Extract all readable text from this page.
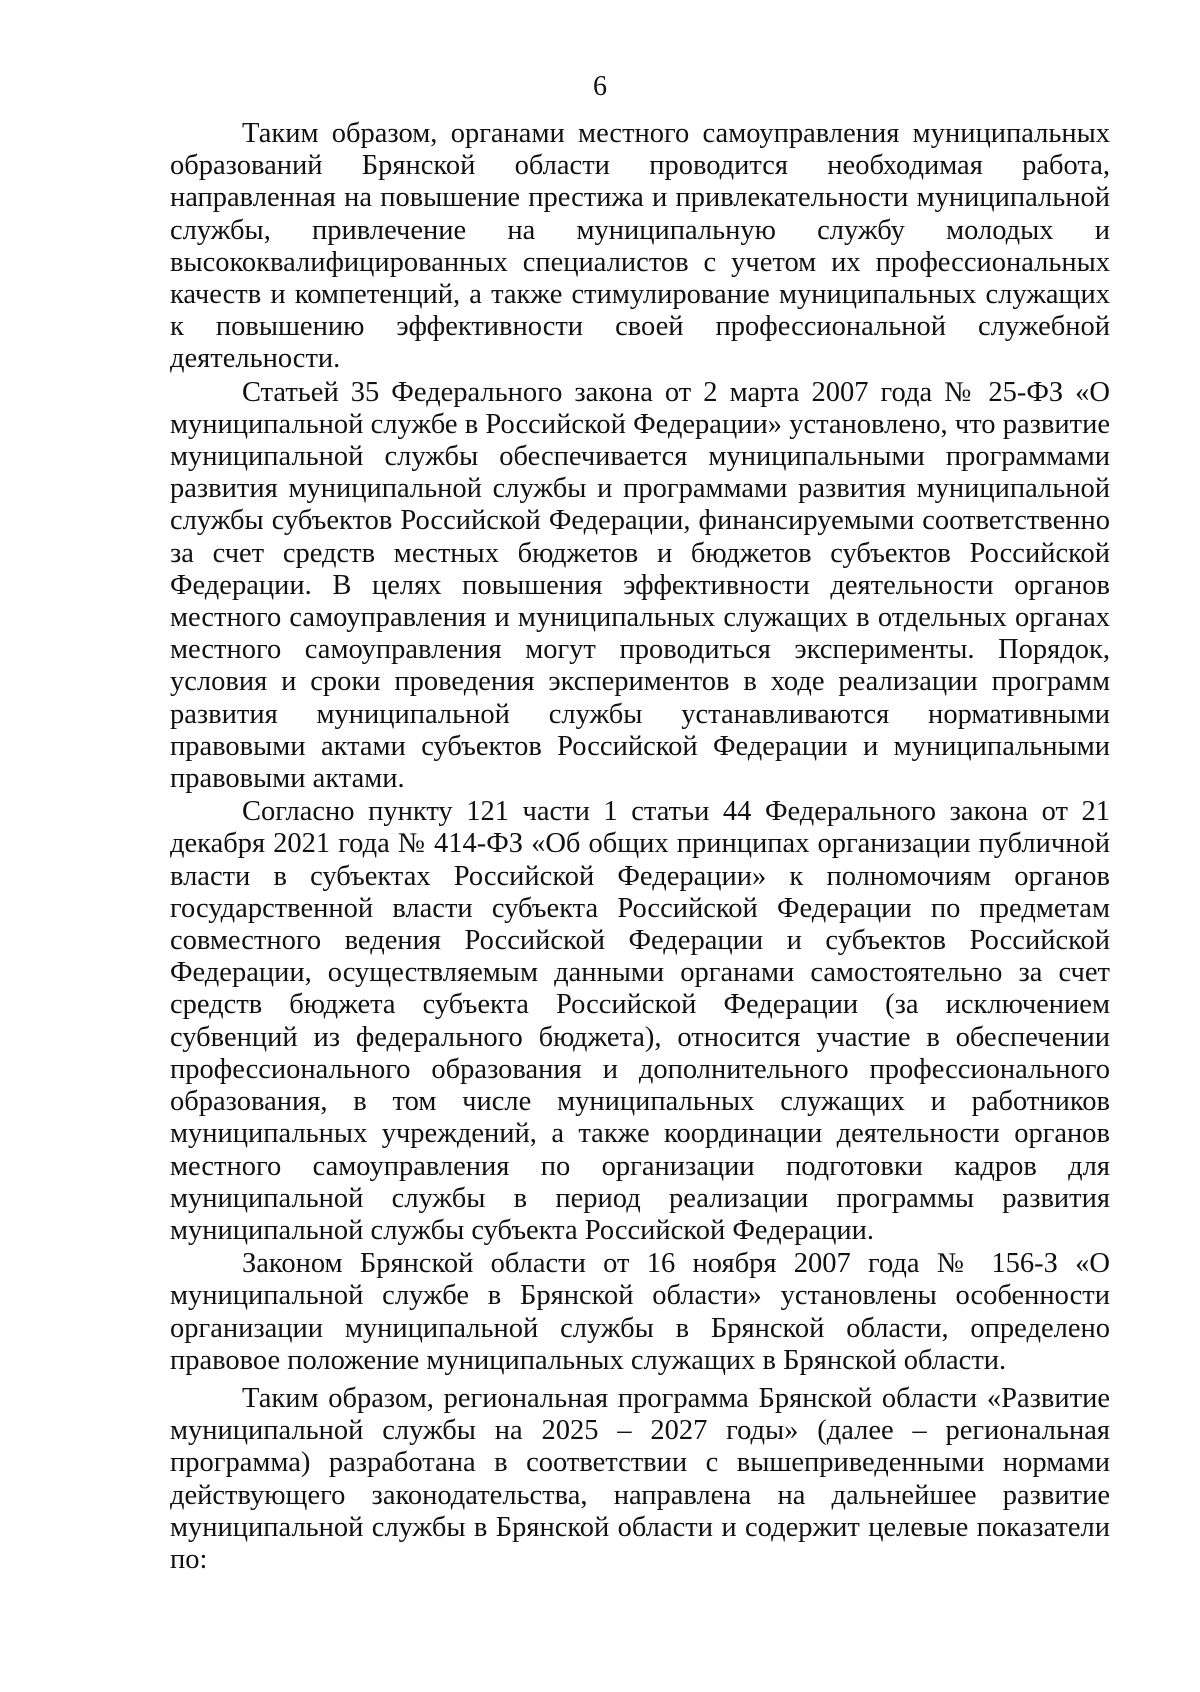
6

Таким образом, органами местного самоуправления муниципальных образований Брянской области проводится необходимая работа, направленная на повышение престижа и привлекательности муниципальной службы, привлечение на муниципальную службу молодых и высококвалифицированных специалистов с учетом их профессиональных качеств и компетенций, а также стимулирование муниципальных служащих к повышению эффективности своей профессиональной служебной деятельности.

Статьей 35 Федерального закона от 2 марта 2007 года № 25-ФЗ «О муниципальной службе в Российской Федерации» установлено, что развитие муниципальной службы обеспечивается муниципальными программами развития муниципальной службы и программами развития муниципальной службы субъектов Российской Федерации, финансируемыми соответственно за счет средств местных бюджетов и бюджетов субъектов Российской Федерации. В целях повышения эффективности деятельности органов местного самоуправления и муниципальных служащих в отдельных органах местного самоуправления могут проводиться эксперименты. Порядок, условия и сроки проведения экспериментов в ходе реализации программ развития муниципальной службы устанавливаются нормативными правовыми актами субъектов Российской Федерации и муниципальными правовыми актами.

Согласно пункту 121 части 1 статьи 44 Федерального закона от 21 декабря 2021 года № 414-ФЗ «Об общих принципах организации публичной власти в субъектах Российской Федерации» к полномочиям органов государственной власти субъекта Российской Федерации по предметам совместного ведения Российской Федерации и субъектов Российской Федерации, осуществляемым данными органами самостоятельно за счет средств бюджета субъекта Российской Федерации (за исключением субвенций из федерального бюджета), относится участие в обеспечении профессионального образования и дополнительного профессионального образования, в том числе муниципальных служащих и работников муниципальных учреждений, а также координации деятельности органов местного самоуправления по организации подготовки кадров для муниципальной службы в период реализации программы развития муниципальной службы субъекта Российской Федерации.

Законом Брянской области от 16 ноября 2007 года № 156-З «О муниципальной службе в Брянской области» установлены особенности организации муниципальной службы в Брянской области, определено правовое положение муниципальных служащих в Брянской области.

Таким образом, региональная программа Брянской области «Развитие муниципальной службы на 2025 – 2027 годы» (далее – региональная программа) разработана в соответствии с вышеприведенными нормами действующего законодательства, направлена на дальнейшее развитие муниципальной службы в Брянской области и содержит целевые показатели по:
